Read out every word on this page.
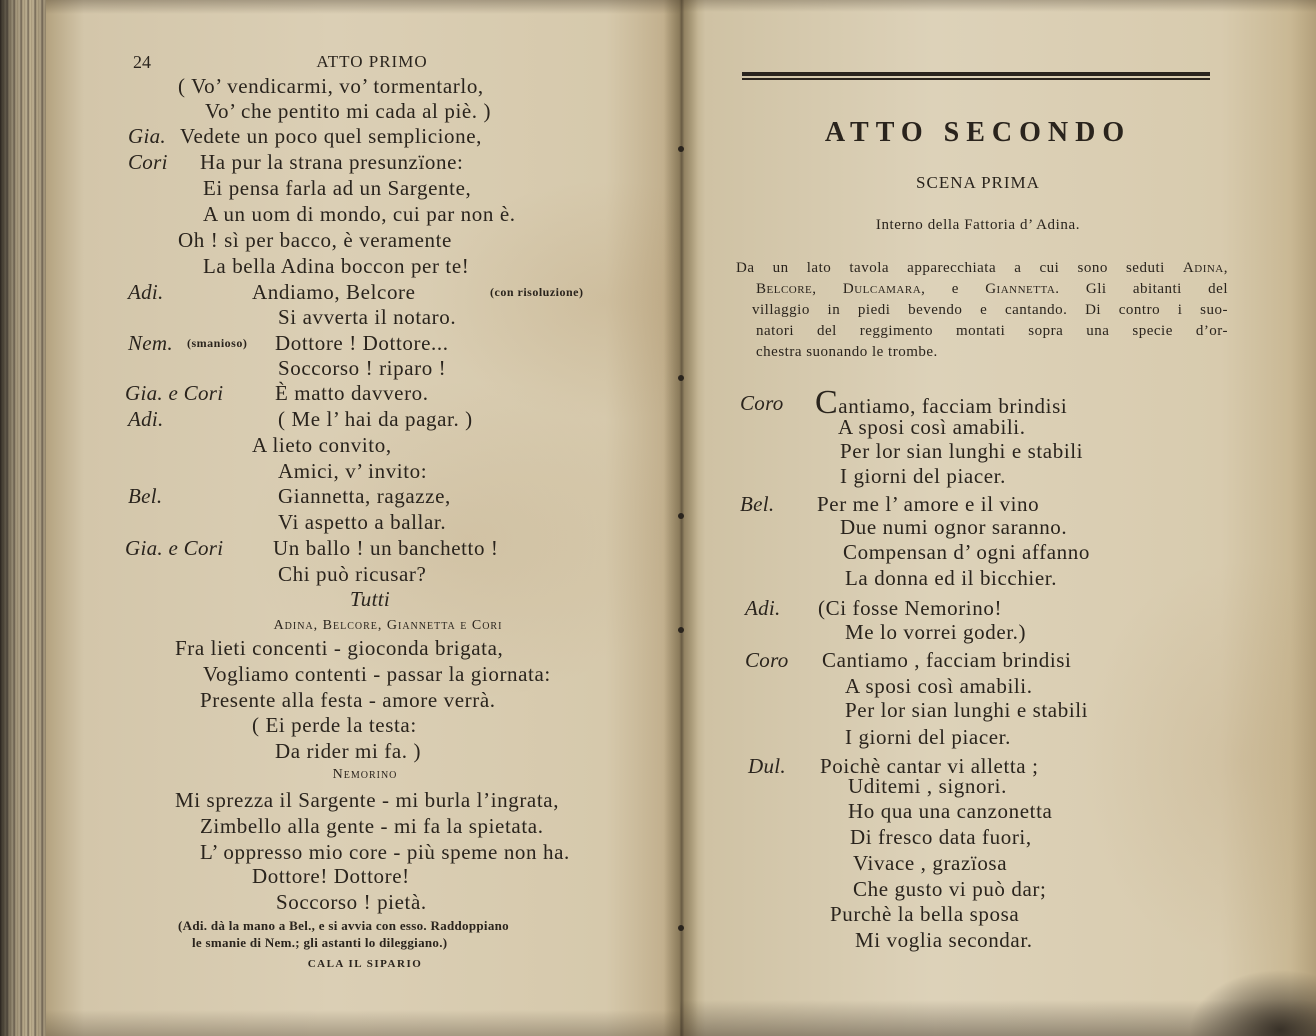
24	ATTO PRIMO
( Vo’ vendicarmi, vo’ tormentarlo,
Vo’ che pentito mi cada al piè. )
Gia. Vedete un poco quel semplicione,
Cori Ha pur la strana presunzïone:
Ei pensa farla ad un Sargente,
A un uom di mondo, cui par non è.
Oh ! sì per bacco, è veramente
La bella Adina boccon per te!
Adi.	Andiamo, Belcore	(con risoluzione)
Si avverta il notaro.
Nem. (smanioso) Dottore ! Dottore...
Soccorso ! riparo !
Gia. e Cori È matto davvero.
Adi.	( Me l’ hai da pagar. )
A lieto convito,
Amici, v’ invito:
Bel.	Giannetta, ragazze,
Vi aspetto a ballar.
Gia. e Cori Un ballo ! un banchetto !
Chi può ricusar?
Tutti
Adina, Belcore, Giannetta e Cori
Fra lieti concenti - gioconda brigata,
Vogliamo contenti - passar la giornata:
Presente alla festa - amore verrà.
( Ei perde la testa:
Da rider mi fa. )
Nemorino
Mi sprezza il Sargente - mi burla l’ingrata,
Zimbello alla gente - mi fa la spietata.
L’ oppresso mio core - più speme non ha.
Dottore! Dottore!
Soccorso ! pietà.
(Adi. dà la mano a Bel., e si avvia con esso. Raddoppiano
le smanie di Nem.; gli astanti lo dileggiano.)
CALA IL SIPARIO
ATTO SECONDO
SCENA PRIMA
Interno della Fattoria d’ Adina.
Da un lato tavola apparecchiata a cui sono seduti Adina,
Belcore, Dulcamara, e Giannetta. Gli abitanti del
villaggio in piedi bevendo e cantando. Di contro i suo-
natori del reggimento montati sopra una specie d’or-
chestra suonando le trombe.
Coro Cantiamo, facciam brindisi
A sposi così amabili.
Per lor sian lunghi e stabili
I giorni del piacer.
Bel. Per me l’ amore e il vino
Due numi ognor saranno.
Compensan d’ ogni affanno
La donna ed il bicchier.
Adi. (Ci fosse Nemorino!
Me lo vorrei goder.)
Coro Cantiamo , facciam brindisi
A sposi così amabili.
Per lor sian lunghi e stabili
I giorni del piacer.
Dul. Poichè cantar vi alletta ;
Uditemi , signori.
Ho qua una canzonetta
Di fresco data fuori,
Vivace , grazïosa
Che gusto vi può dar;
Purchè la bella sposa
Mi voglia secondar.
